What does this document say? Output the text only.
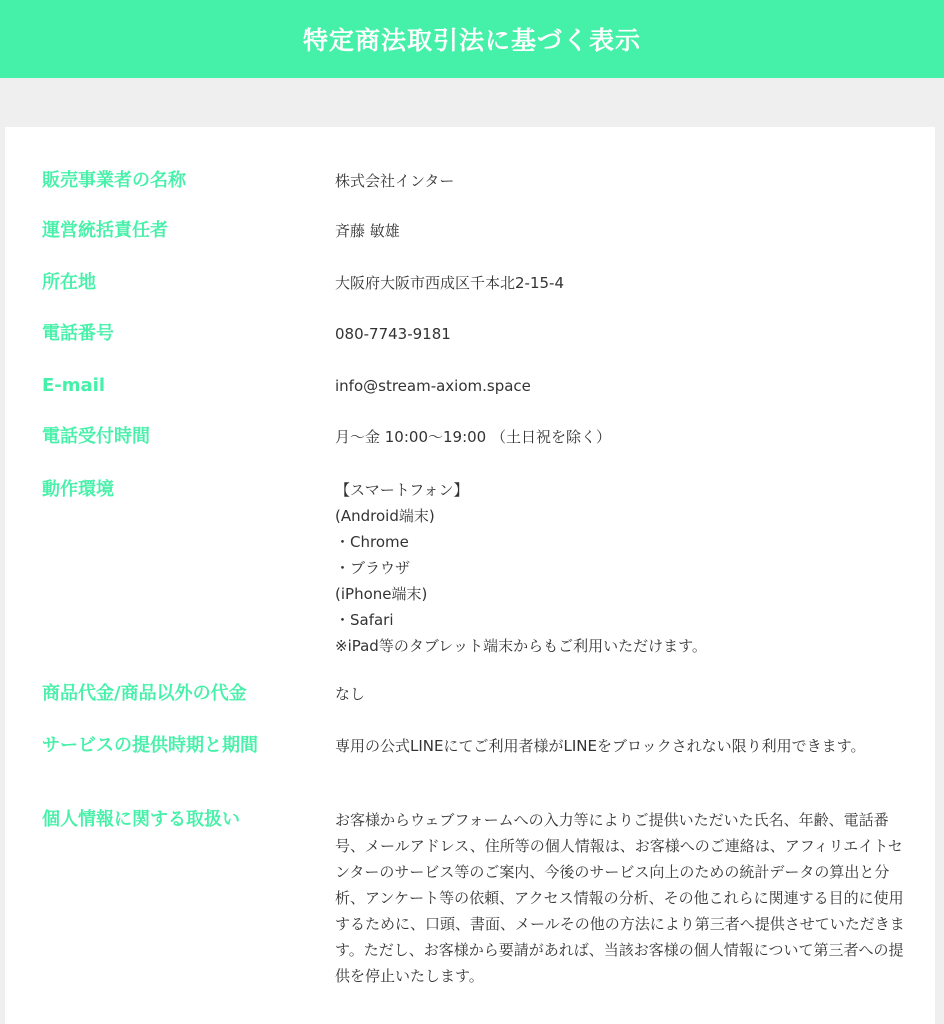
特定商法取引法に基づく表示
販売事業者の名称	株式会社インター
運営統括責任者	斉藤 敏雄
所在地	大阪府大阪市西成区千本北2-15-4
電話番号	080-7743-9181
E-mail	info@stream-axiom.space
電話受付時間	月〜金 10:00〜19:00 （土日祝を除く）
動作環境	【スマートフォン】
(Android端末)
・Chrome
・ブラウザ
(iPhone端末)
・Safari
※iPad等のタブレット端末からもご利用いただけます。
商品代金/商品以外の代金	なし
サービスの提供時期と期間	専用の公式LINEにてご利用者様がLINEをブロックされない限り利用できます。
個人情報に関する取扱い	お客様からウェブフォームへの入力等によりご提供いただいた氏名、年齢、電話番号、メールアドレス、住所等の個人情報は、お客様へのご連絡は、アフィリエイトセンターのサービス等のご案内、今後のサービス向上のための統計データの算出と分析、アンケート等の依頼、アクセス情報の分析、その他これらに関連する目的に使用するために、口頭、書面、メールその他の方法により第三者へ提供させていただきます。ただし、お客様から要請があれば、当該お客様の個人情報について第三者への提供を停止いたします。
